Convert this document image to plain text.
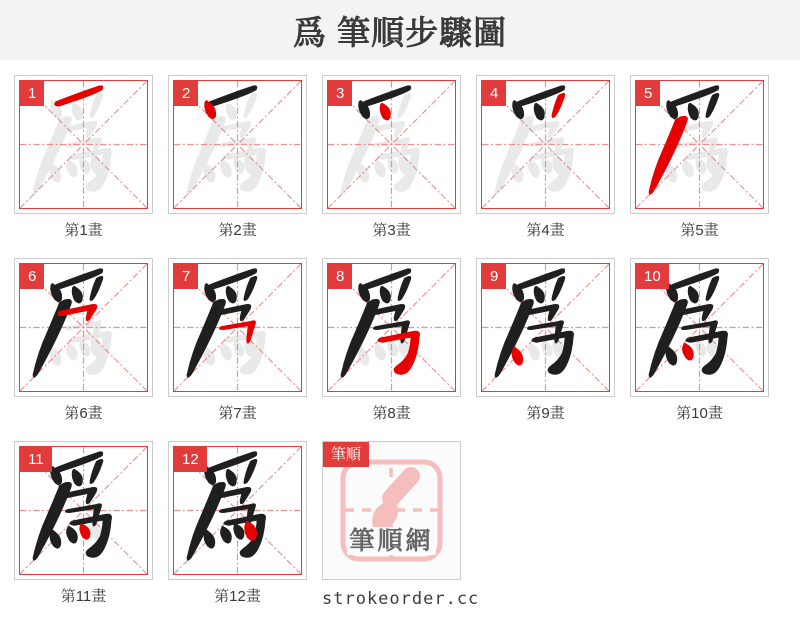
爲 筆順步驟圖
1
第1畫
2
第2畫
3
第3畫
4
第4畫
5
第5畫
6
第6畫
7
第7畫
8
第8畫
9
第9畫
10
第10畫
11
第11畫
12
第12畫
筆順
筆順網
strokeorder.cc
